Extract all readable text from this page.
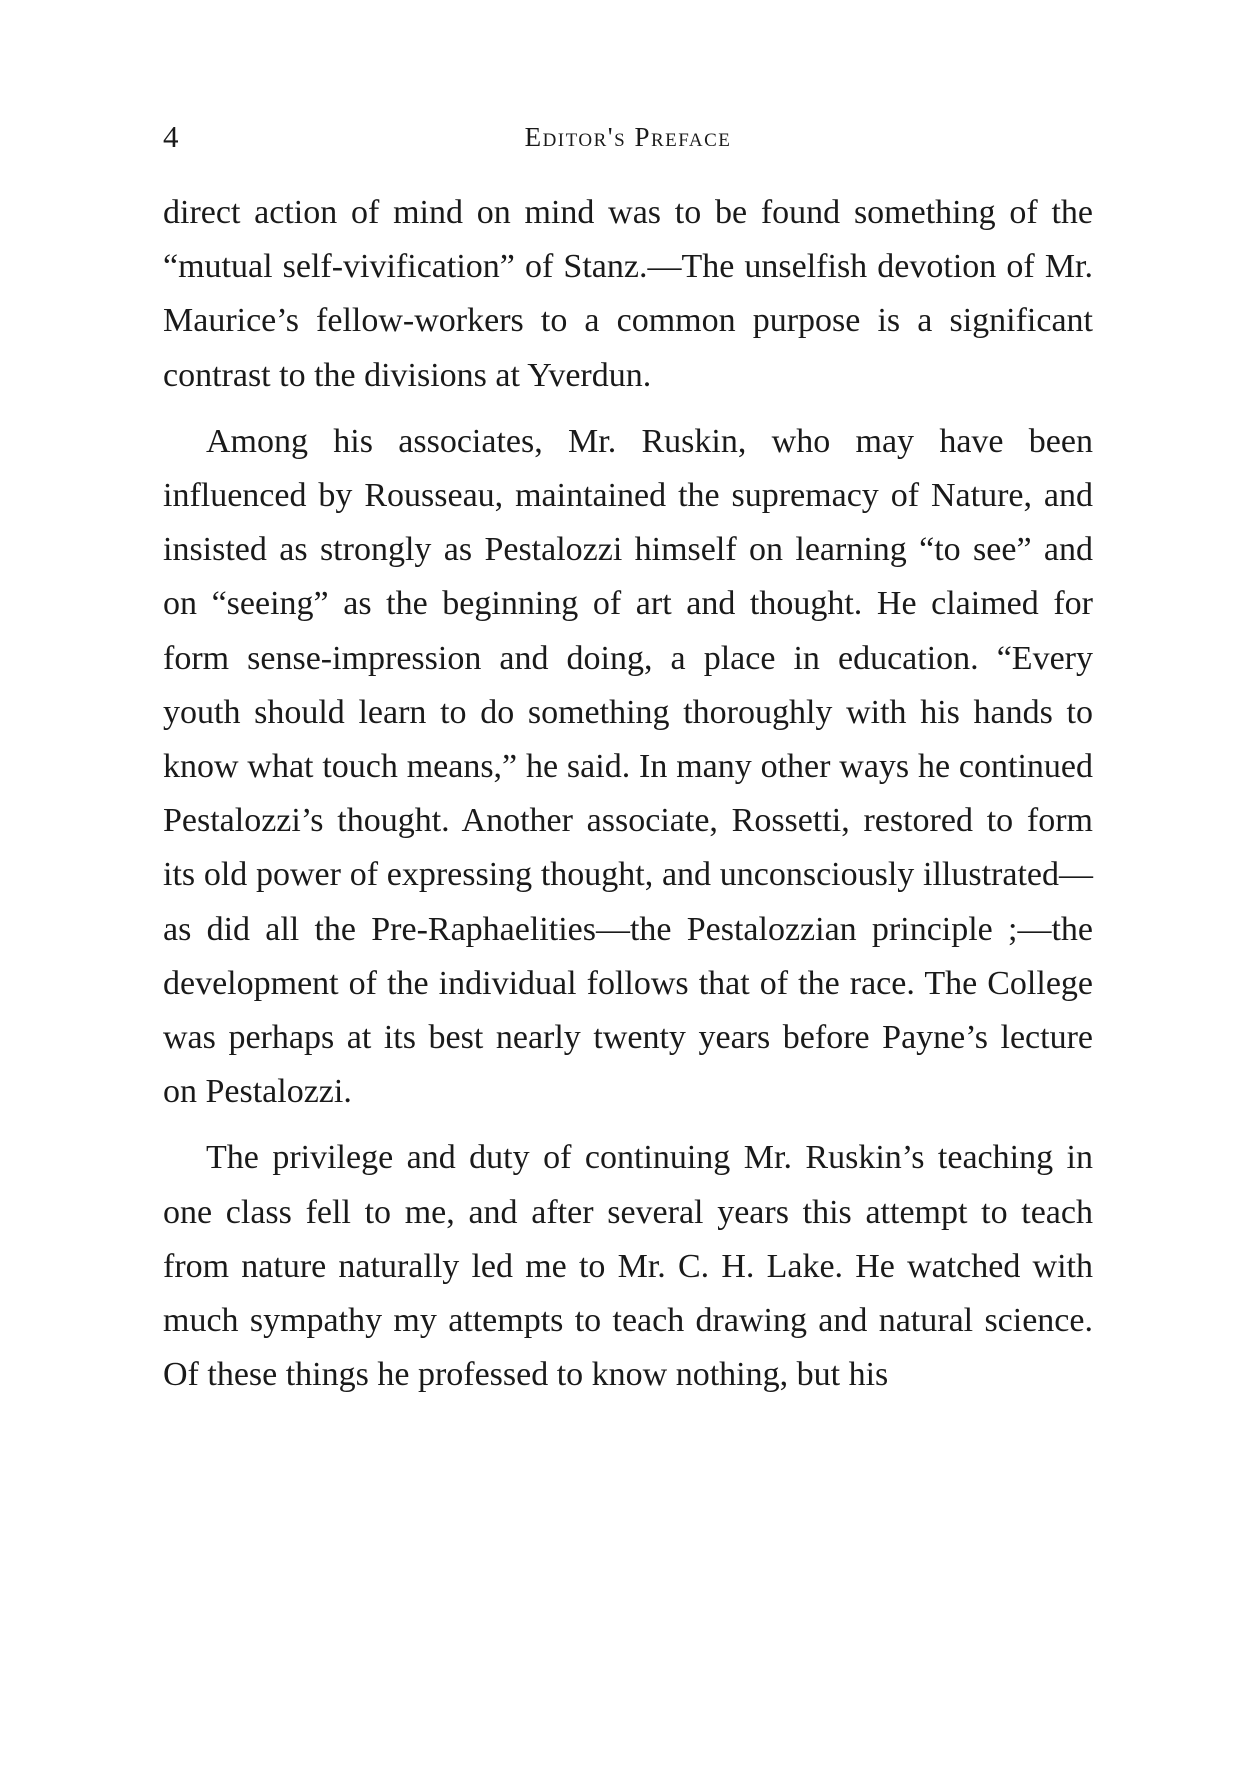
4	Editor's Preface

direct action of mind on mind was to be found something of the “mutual self-vivification” of Stanz.—The unselfish devotion of Mr. Maurice’s fellow-workers to a common purpose is a significant contrast to the divisions at Yverdun.

Among his associates, Mr. Ruskin, who may have been influenced by Rousseau, maintained the supremacy of Nature, and insisted as strongly as Pestalozzi himself on learning “to see” and on “seeing” as the beginning of art and thought. He claimed for form sense-impression and doing, a place in education. “Every youth should learn to do something thoroughly with his hands to know what touch means,” he said. In many other ways he continued Pestalozzi’s thought. Another associate, Rossetti, restored to form its old power of expressing thought, and unconsciously illustrated—as did all the Pre-Raphaelities—the Pestalozzian principle ;—the development of the individual follows that of the race. The College was perhaps at its best nearly twenty years before Payne’s lecture on Pestalozzi.

The privilege and duty of continuing Mr. Ruskin’s teaching in one class fell to me, and after several years this attempt to teach from nature naturally led me to Mr. C. H. Lake. He watched with much sympathy my attempts to teach drawing and natural science. Of these things he professed to know nothing, but his
